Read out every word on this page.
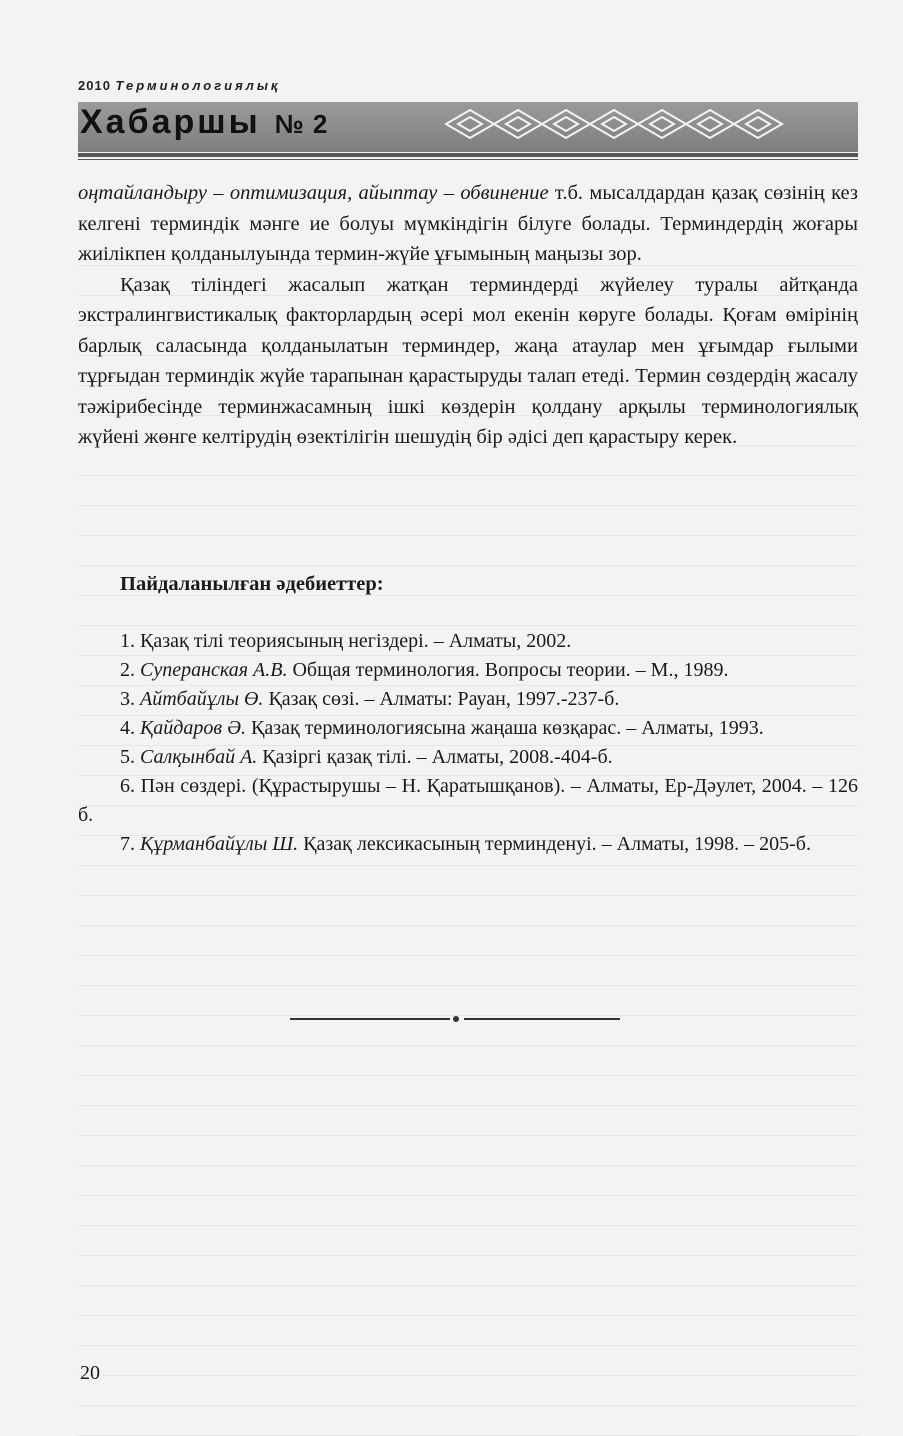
2010 Терминологиялық
Хабаршы № 2

оңтайландыру – оптимизация, айыптау – обвинение т.б. мысалдардан қазақ сөзінің кез келгені терминдік мәнге ие болуы мүмкіндігін білуге болады. Терминдердің жоғары жиілікпен қолданылуында термин-жүйе ұғымының маңызы зор.

Қазақ тіліндегі жасалып жатқан терминдерді жүйелеу туралы айтқанда экстралингвистикалық факторлардың әсері мол екенін көруге болады. Қоғам өмірінің барлық саласында қолданылатын терминдер, жаңа атаулар мен ұғымдар ғылыми тұрғыдан терминдік жүйе тарапынан қарастыруды талап етеді. Термин сөздердің жасалу тәжірибесінде терминжасамның ішкі көздерін қолдану арқылы терминологиялық жүйені жөнге келтірудің өзектілігін шешудің бір әдісі деп қарастыру керек.

Пайдаланылған әдебиеттер:
1. Қазақ тілі теориясының негіздері. – Алматы, 2002.
2. Суперанская А.В. Общая терминология. Вопросы теории. – М., 1989.
3. Айтбайұлы Ө. Қазақ сөзі. – Алматы: Рауан, 1997.-237-б.
4. Қайдаров Ә. Қазақ терминологиясына жаңаша көзқарас. – Алматы, 1993.
5. Салқынбай А. Қазіргі қазақ тілі. – Алматы, 2008.-404-б.
6. Пән сөздері. (Құрастырушы – Н. Қаратышқанов). – Алматы, Ер-Дәулет, 2004. – 126 б.
7. Құрманбайұлы Ш. Қазақ лексикасының терминденуі. – Алматы, 1998. – 205-б.
20
